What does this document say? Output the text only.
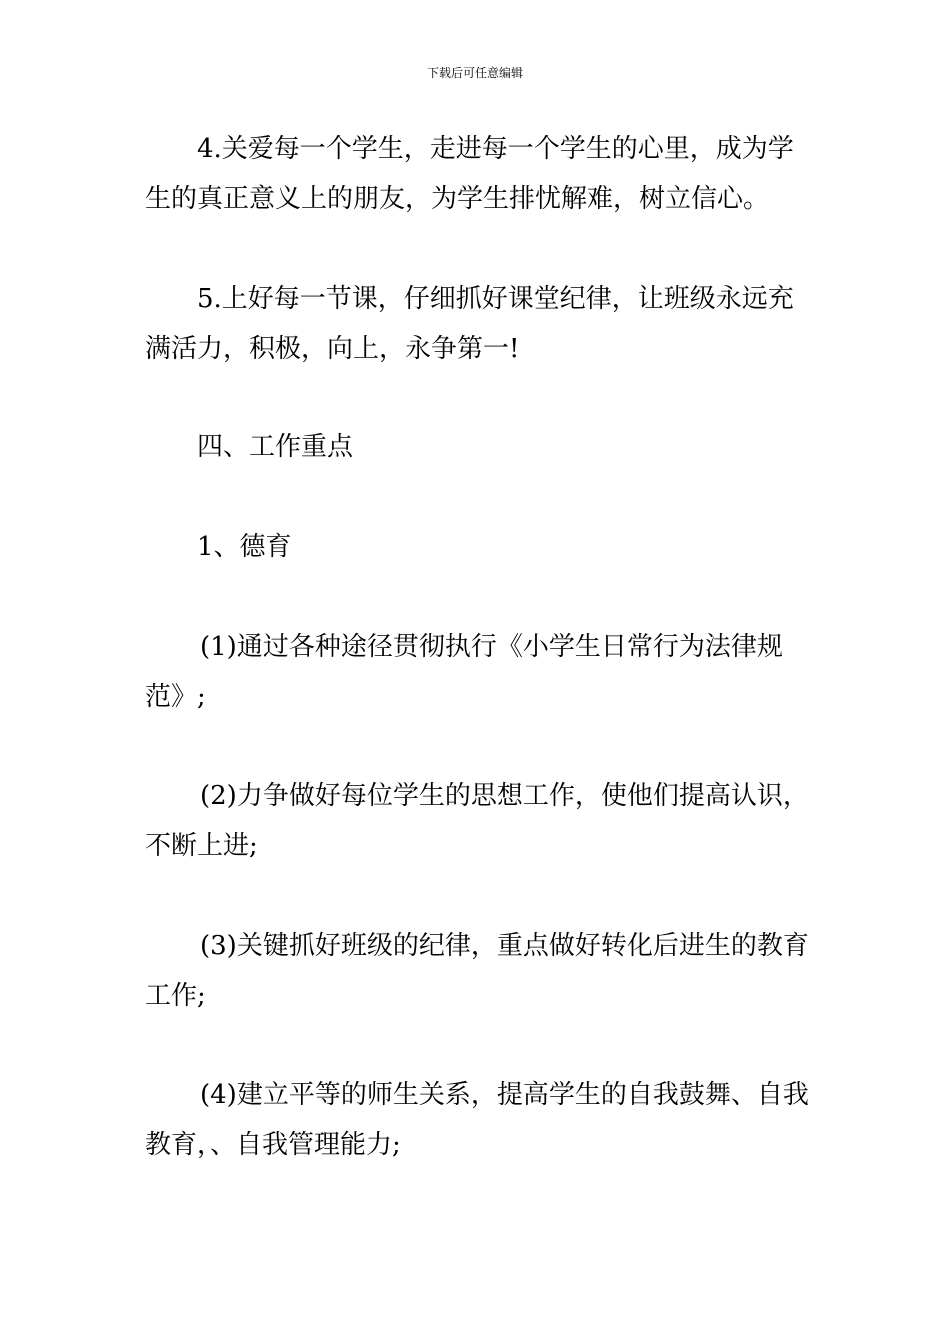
下载后可任意编辑
4.关爱每一个学生，走进每一个学生的心里，成为学
生的真正意义上的朋友，为学生排忧解难，树立信心。
5.上好每一节课，仔细抓好课堂纪律，让班级永远充
满活力，积极，向上，永争第一!
四、工作重点
1、德育
(1)通过各种途径贯彻执行《小学生日常行为法律规
范》;
(2)力争做好每位学生的思想工作，使他们提高认识，
不断上进;
(3)关键抓好班级的纪律，重点做好转化后进生的教育
工作;
(4)建立平等的师生关系，提高学生的自我鼓舞、自我
教育，、自我管理能力;
